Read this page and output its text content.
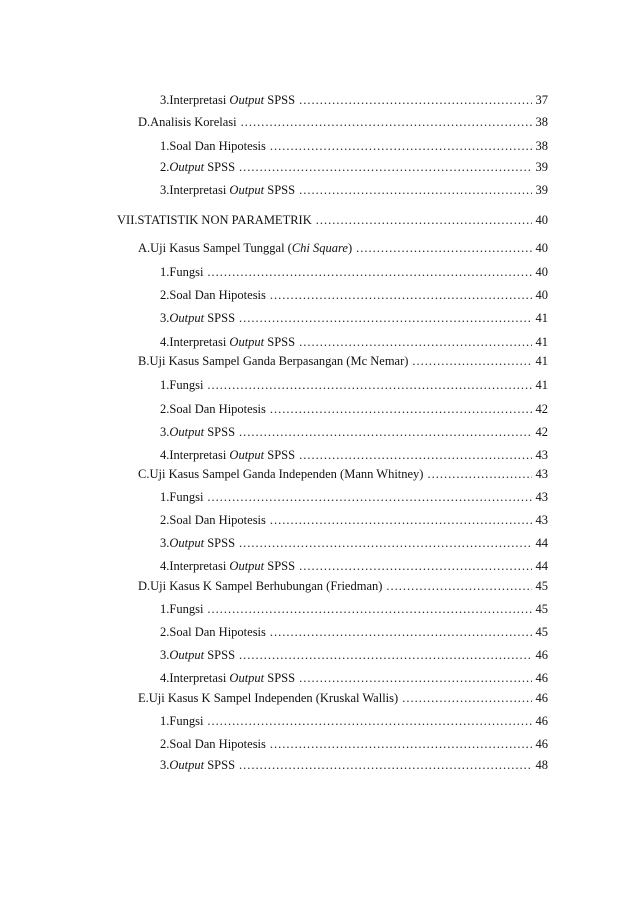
3. Interpretasi Output SPSS .....	37
D. Analisis Korelasi .....	38
1. Soal Dan Hipotesis .....	38
2. Output SPSS .....	39
3. Interpretasi Output SPSS .....	39
VII. STATISTIK NON PARAMETRIK .....	40
A. Uji Kasus Sampel Tunggal (Chi Square) .....	40
1. Fungsi .....	40
2. Soal Dan Hipotesis .....	40
3. Output SPSS .....	41
4. Interpretasi Output SPSS .....	41
B. Uji Kasus Sampel Ganda Berpasangan (Mc Nemar) .....	41
1. Fungsi .....	41
2. Soal Dan Hipotesis .....	42
3. Output SPSS .....	42
4. Interpretasi Output SPSS .....	43
C. Uji Kasus Sampel Ganda Independen (Mann Whitney) .....	43
1. Fungsi .....	43
2. Soal Dan Hipotesis .....	43
3. Output SPSS .....	44
4. Interpretasi Output SPSS .....	44
D. Uji Kasus K Sampel Berhubungan (Friedman) .....	45
1. Fungsi .....	45
2. Soal Dan Hipotesis .....	45
3. Output SPSS .....	46
4. Interpretasi Output SPSS .....	46
E. Uji Kasus K Sampel Independen (Kruskal Wallis) .....	46
1. Fungsi .....	46
2. Soal Dan Hipotesis .....	46
3. Output SPSS .....	48
